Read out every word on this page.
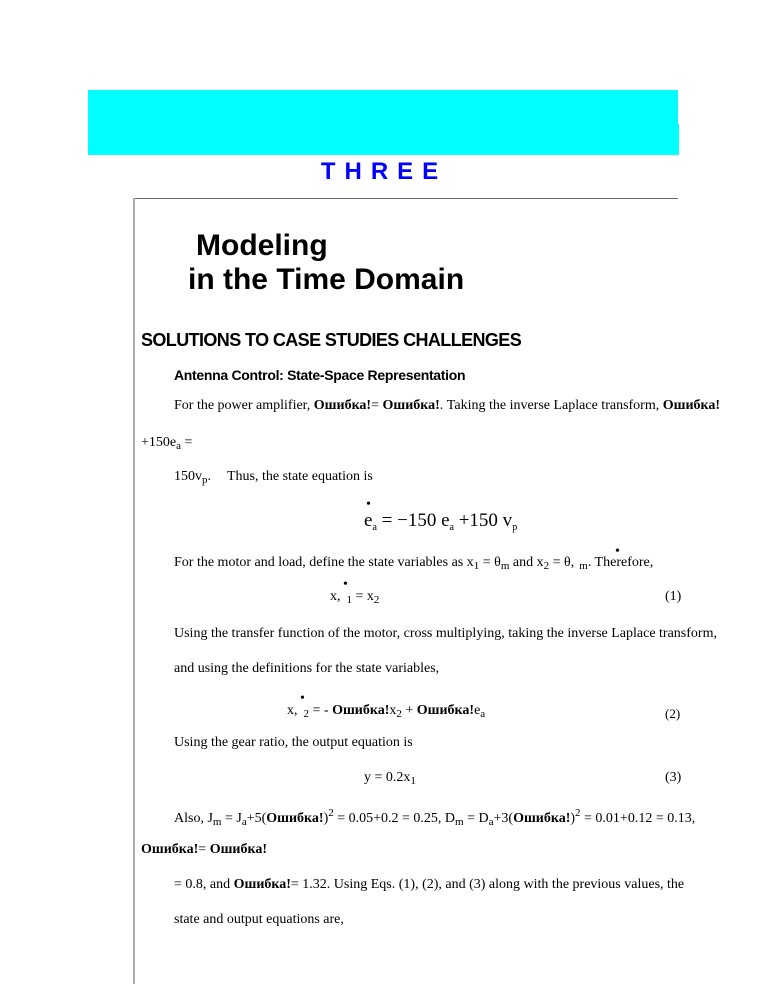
THREE
Modeling
in the Time Domain
SOLUTIONS TO CASE STUDIES CHALLENGES
Antenna Control: State-Space Representation
For the power amplifier, Ошибка!= Ошибка!. Taking the inverse Laplace transform, Ошибка!
$+150e_a$ =
$150v_p$. Thus, the state equation is
•
$e_a = -150$ $e_a +150$ $v_p$
For the motor and load, define the state variables as $x_1 = \theta_m$ and $x_2 = \theta$,
•
$_m$. Therefore,
•
x, $_1 = x_2$	(1)
Using the transfer function of the motor, cross multiplying, taking the inverse Laplace transform,
and using the definitions for the state variables,
•
x, $_2$ = - $Ошибка!x_2$ + $Ошибка!e_a$	(2)
Using the gear ratio, the output equation is
$y = 0.2x_1$	(3)
Also, $J_m$ = $J_a+5(Ошибка!)^2 = 0.05+0.2 = 0.25$, $D_m$ = $D_a+3(Ошибка!)^2 = 0.01+0.12 = 0.13$,
Ошибка!= Ошибка!
= 0.8, and Ошибка!= 1.32. Using Eqs. (1), (2), and (3) along with the previous values, the
state and output equations are,
